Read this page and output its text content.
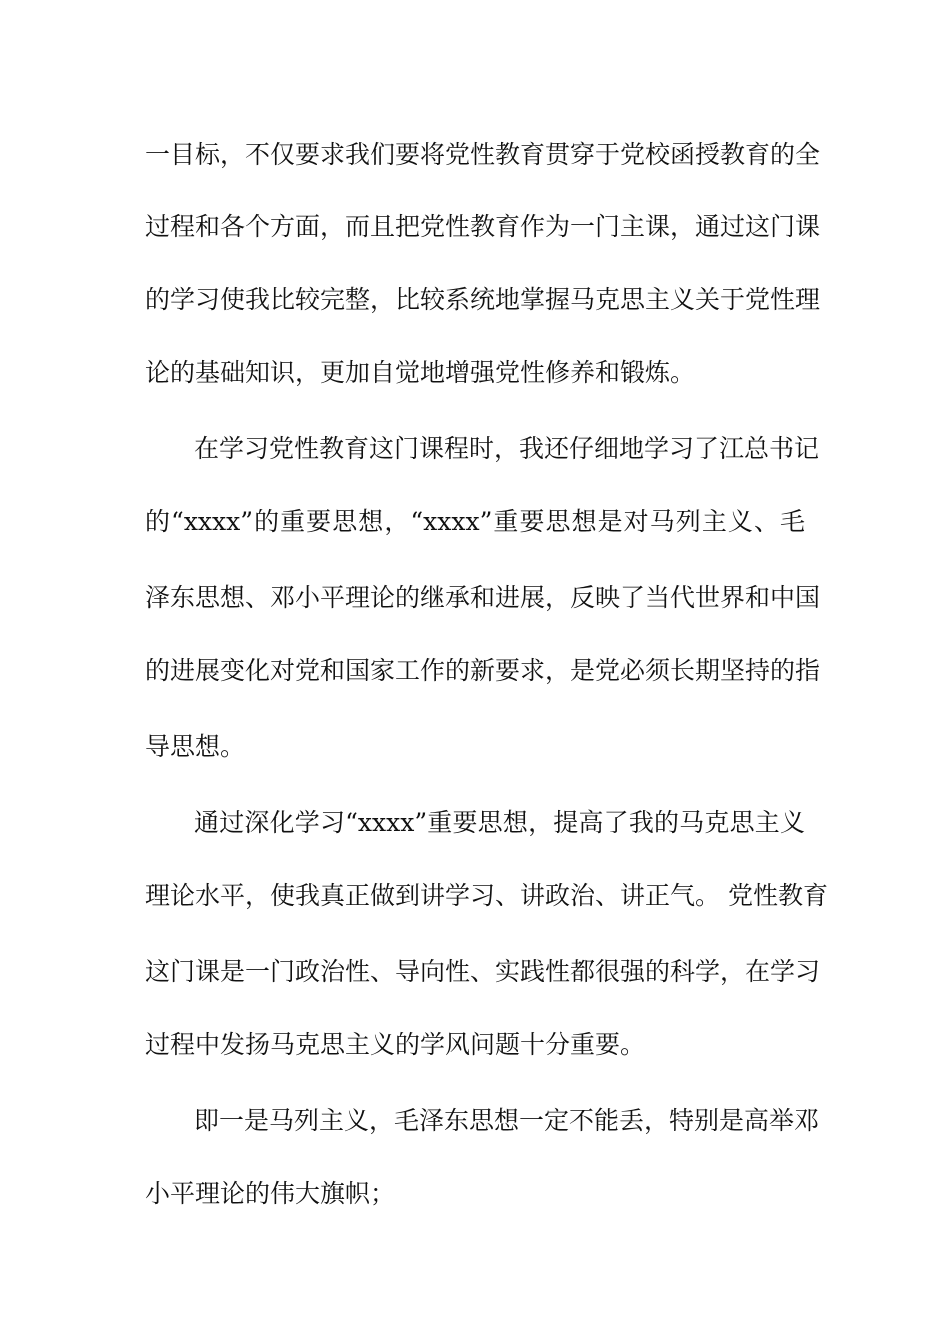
一目标，不仅要求我们要将党性教育贯穿于党校函授教育的全
过程和各个方面，而且把党性教育作为一门主课，通过这门课
的学习使我比较完整，比较系统地掌握马克思主义关于党性理
论的基础知识，更加自觉地增强党性修养和锻炼。
在学习党性教育这门课程时，我还仔细地学习了江总书记
的“xxxx”的重要思想，“xxxx”重要思想是对马列主义、毛
泽东思想、邓小平理论的继承和进展，反映了当代世界和中国
的进展变化对党和国家工作的新要求，是党必须长期坚持的指
导思想。
通过深化学习“xxxx”重要思想，提高了我的马克思主义
理论水平，使我真正做到讲学习、讲政治、讲正气。 党性教育
这门课是一门政治性、导向性、实践性都很强的科学，在学习
过程中发扬马克思主义的学风问题十分重要。
即一是马列主义，毛泽东思想一定不能丢，特别是高举邓
小平理论的伟大旗帜；
